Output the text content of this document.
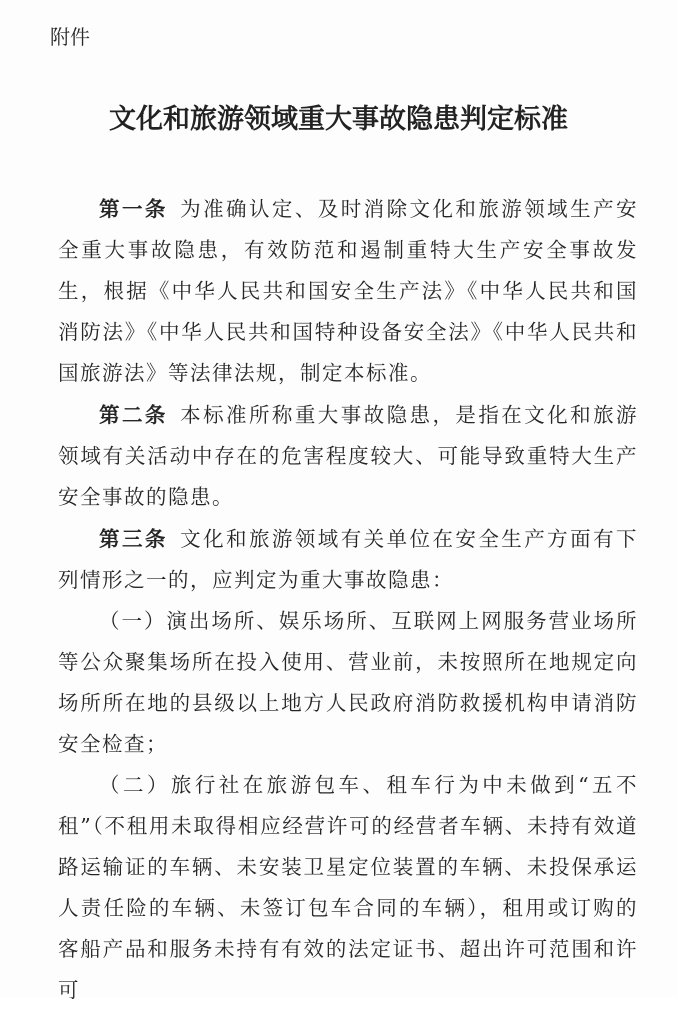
附件

文化和旅游领域重大事故隐患判定标准

第一条 为准确认定、及时消除文化和旅游领域生产安全重大事故隐患，有效防范和遏制重特大生产安全事故发生，根据《中华人民共和国安全生产法》《中华人民共和国消防法》《中华人民共和国特种设备安全法》《中华人民共和国旅游法》等法律法规，制定本标准。

第二条 本标准所称重大事故隐患，是指在文化和旅游领域有关活动中存在的危害程度较大、可能导致重特大生产安全事故的隐患。

第三条 文化和旅游领域有关单位在安全生产方面有下列情形之一的，应判定为重大事故隐患：

（一）演出场所、娱乐场所、互联网上网服务营业场所等公众聚集场所在投入使用、营业前，未按照所在地规定向场所所在地的县级以上地方人民政府消防救援机构申请消防安全检查；

（二）旅行社在旅游包车、租车行为中未做到“五不租”（不租用未取得相应经营许可的经营者车辆、未持有效道路运输证的车辆、未安装卫星定位装置的车辆、未投保承运人责任险的车辆、未签订包车合同的车辆），租用或订购的客船产品和服务未持有有效的法定证书、超出许可范围和许可
